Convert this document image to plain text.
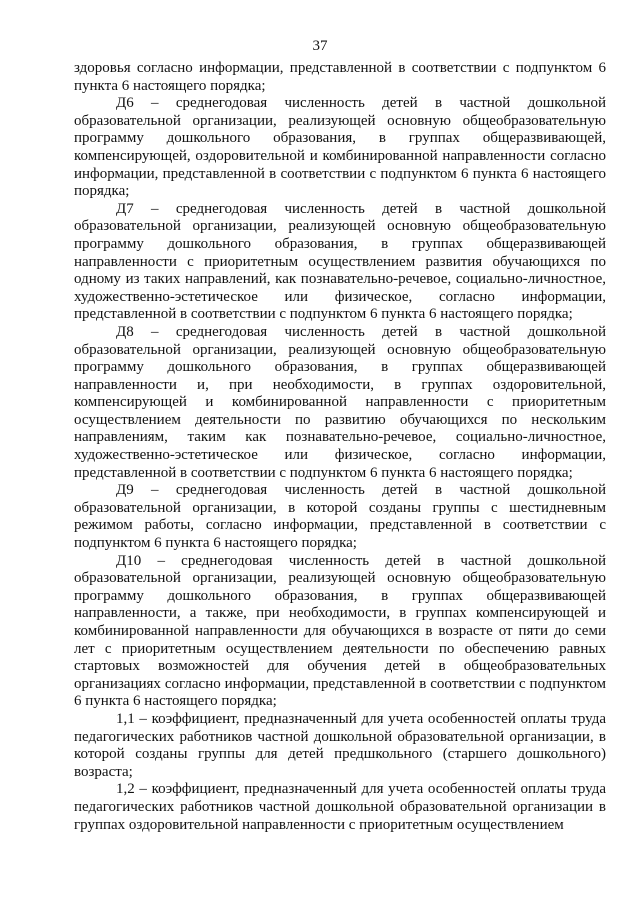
37

здоровья согласно информации, представленной в соответствии с подпунктом 6 пункта 6 настоящего порядка;

Д6 – среднегодовая численность детей в частной дошкольной образовательной организации, реализующей основную общеобразовательную программу дошкольного образования, в группах общеразвивающей, компенсирующей, оздоровительной и комбинированной направленности согласно информации, представленной в соответствии с подпунктом 6 пункта 6 настоящего порядка;

Д7 – среднегодовая численность детей в частной дошкольной образовательной организации, реализующей основную общеобразовательную программу дошкольного образования, в группах общеразвивающей направленности с приоритетным осуществлением развития обучающихся по одному из таких направлений, как познавательно-речевое, социально-личностное, художественно-эстетическое или физическое, согласно информации, представленной в соответствии с подпунктом 6 пункта 6 настоящего порядка;

Д8 – среднегодовая численность детей в частной дошкольной образовательной организации, реализующей основную общеобразовательную программу дошкольного образования, в группах общеразвивающей направленности и, при необходимости, в группах оздоровительной, компенсирующей и комбинированной направленности с приоритетным осуществлением деятельности по развитию обучающихся по нескольким направлениям, таким как познавательно-речевое, социально-личностное, художественно-эстетическое или физическое, согласно информации, представленной в соответствии с подпунктом 6 пункта 6 настоящего порядка;

Д9 – среднегодовая численность детей в частной дошкольной образовательной организации, в которой созданы группы с шестидневным режимом работы, согласно информации, представленной в соответствии с подпунктом 6 пункта 6 настоящего порядка;

Д10 – среднегодовая численность детей в частной дошкольной образовательной организации, реализующей основную общеобразовательную программу дошкольного образования, в группах общеразвивающей направленности, а также, при необходимости, в группах компенсирующей и комбинированной направленности для обучающихся в возрасте от пяти до семи лет с приоритетным осуществлением деятельности по обеспечению равных стартовых возможностей для обучения детей в общеобразовательных организациях согласно информации, представленной в соответствии с подпунктом 6 пункта 6 настоящего порядка;

1,1 – коэффициент, предназначенный для учета особенностей оплаты труда педагогических работников частной дошкольной образовательной организации, в которой созданы группы для детей предшкольного (старшего дошкольного) возраста;

1,2 – коэффициент, предназначенный для учета особенностей оплаты труда педагогических работников частной дошкольной образовательной организации в группах оздоровительной направленности с приоритетным осуществлением
